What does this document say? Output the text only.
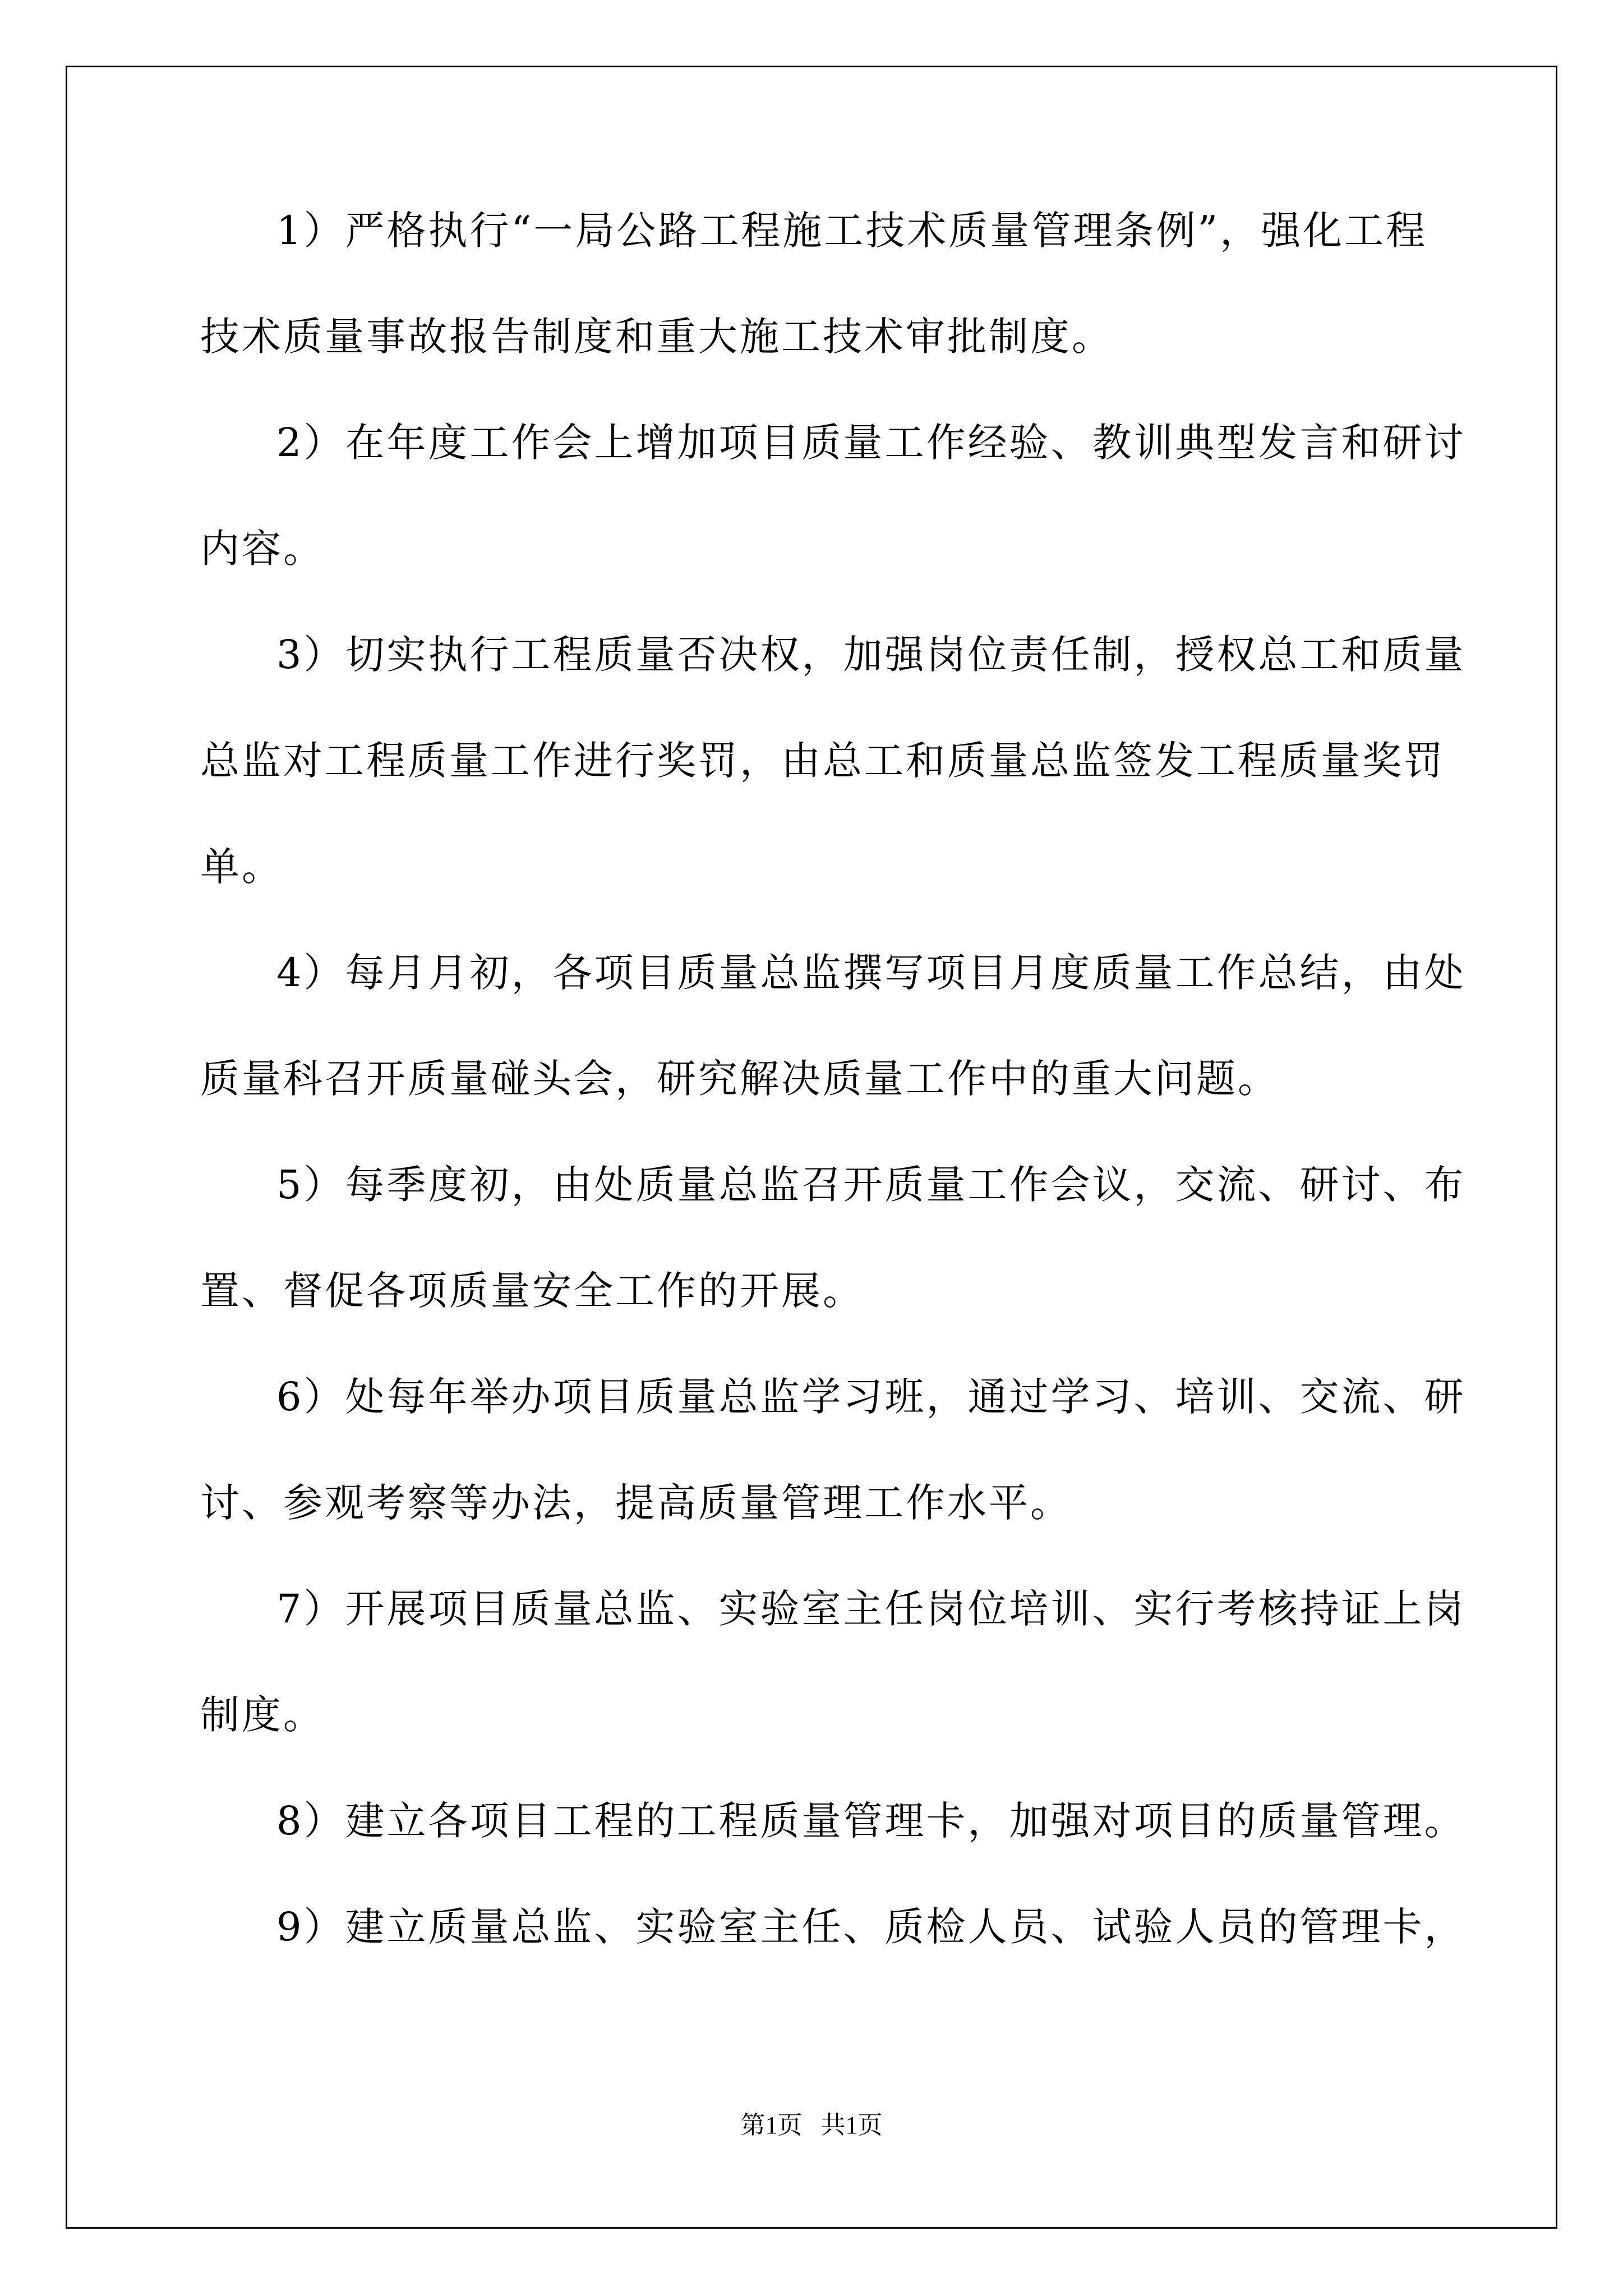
1）严格执行“一局公路工程施工技术质量管理条例”，强化工程
技术质量事故报告制度和重大施工技术审批制度。
2）在年度工作会上增加项目质量工作经验、教训典型发言和研讨
内容。
3）切实执行工程质量否决权，加强岗位责任制，授权总工和质量
总监对工程质量工作进行奖罚，由总工和质量总监签发工程质量奖罚
单。
4）每月月初，各项目质量总监撰写项目月度质量工作总结，由处
质量科召开质量碰头会，研究解决质量工作中的重大问题。
5）每季度初，由处质量总监召开质量工作会议，交流、研讨、布
置、督促各项质量安全工作的开展。
6）处每年举办项目质量总监学习班，通过学习、培训、交流、研
讨、参观考察等办法，提高质量管理工作水平。
7）开展项目质量总监、实验室主任岗位培训、实行考核持证上岗
制度。
8）建立各项目工程的工程质量管理卡，加强对项目的质量管理。
9）建立质量总监、实验室主任、质检人员、试验人员的管理卡，
第1页   共1页
